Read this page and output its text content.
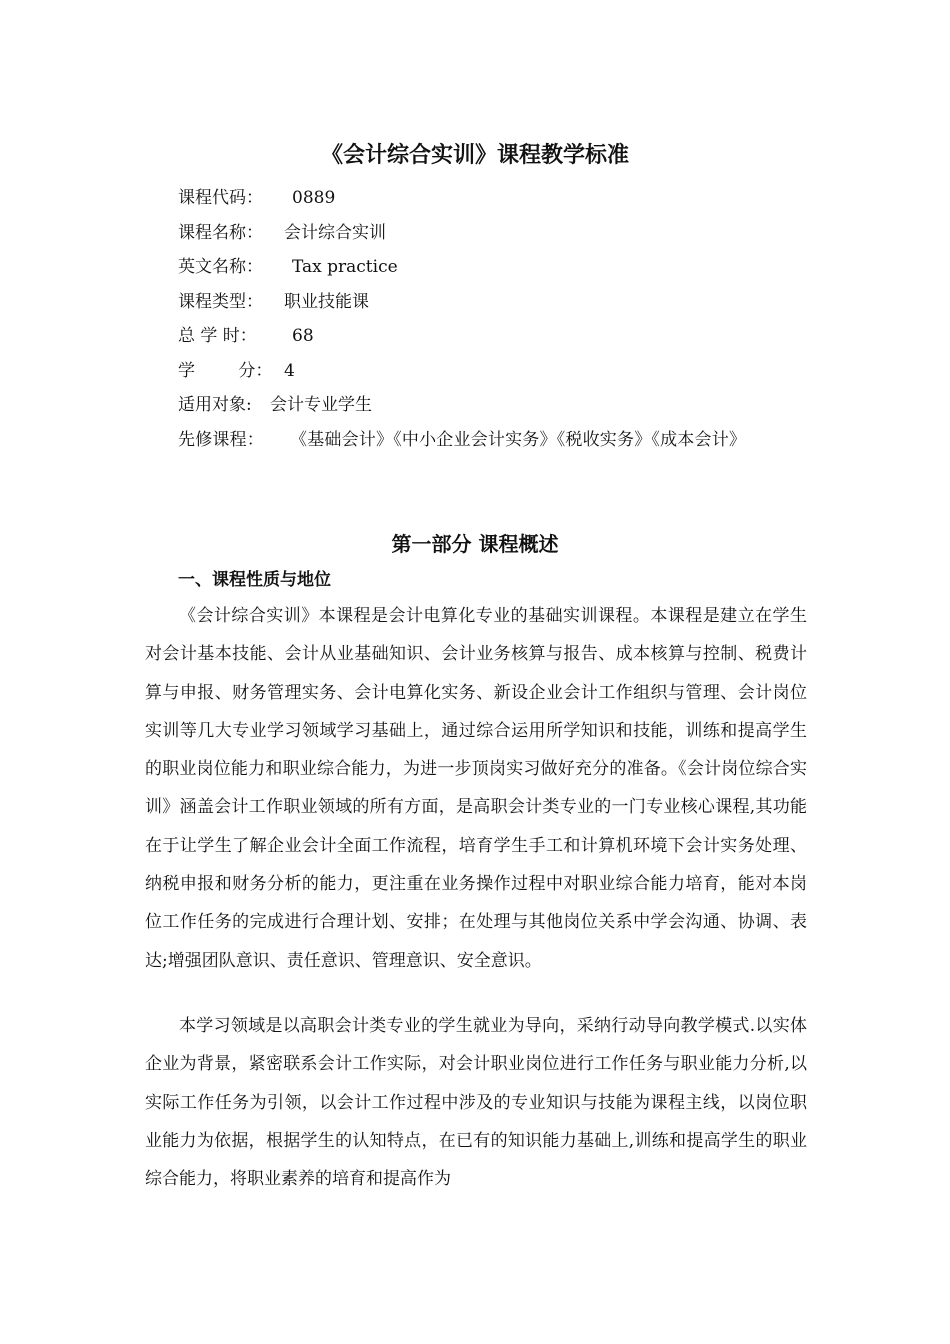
《会计综合实训》课程教学标准
课程代码： 0889
课程名称： 会计综合实训
英文名称： Tax practice
课程类型： 职业技能课
总 学 时： 68
学 分： 4
适用对象: 会计专业学生
先修课程： 《基础会计》《中小企业会计实务》《税收实务》《成本会计》
第一部分 课程概述
一、课程性质与地位

《会计综合实训》本课程是会计电算化专业的基础实训课程。本课程是建立在学生对会计基本技能、会计从业基础知识、会计业务核算与报告、成本核算与控制、税费计算与申报、财务管理实务、会计电算化实务、新设企业会计工作组织与管理、会计岗位实训等几大专业学习领域学习基础上，通过综合运用所学知识和技能，训练和提高学生的职业岗位能力和职业综合能力，为进一步顶岗实习做好充分的准备。《会计岗位综合实训》涵盖会计工作职业领域的所有方面，是高职会计类专业的一门专业核心课程,其功能在于让学生了解企业会计全面工作流程，培育学生手工和计算机环境下会计实务处理、纳税申报和财务分析的能力，更注重在业务操作过程中对职业综合能力培育，能对本岗位工作任务的完成进行合理计划、安排；在处理与其他岗位关系中学会沟通、协调、表达;增强团队意识、责任意识、管理意识、安全意识。

本学习领域是以高职会计类专业的学生就业为导向，采纳行动导向教学模式.以实体企业为背景，紧密联系会计工作实际，对会计职业岗位进行工作任务与职业能力分析,以实际工作任务为引领，以会计工作过程中涉及的专业知识与技能为课程主线，以岗位职业能力为依据，根据学生的认知特点，在已有的知识能力基础上,训练和提高学生的职业综合能力，将职业素养的培育和提高作为
